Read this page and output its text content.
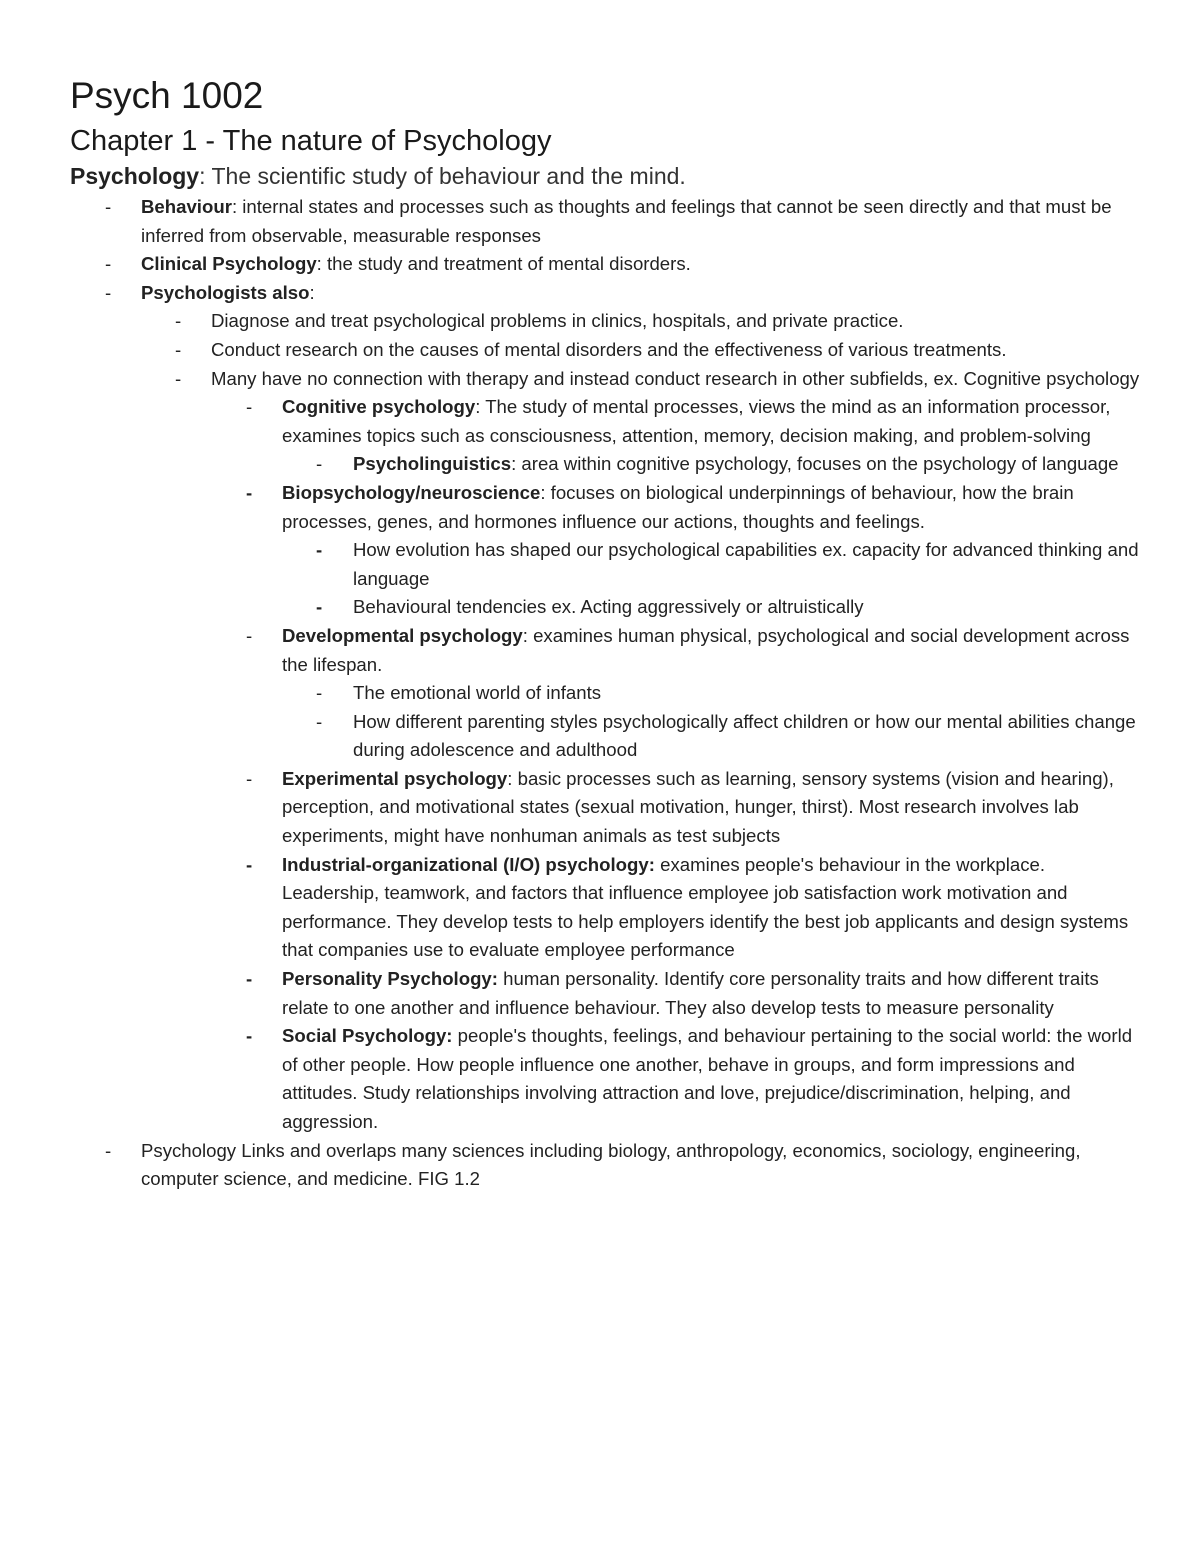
Psych 1002
Chapter 1 - The nature of Psychology

Psychology: The scientific study of behaviour and the mind.

- Behaviour: internal states and processes such as thoughts and feelings that cannot be seen directly and that must be inferred from observable, measurable responses
- Clinical Psychology: the study and treatment of mental disorders.
- Psychologists also:
- Diagnose and treat psychological problems in clinics, hospitals, and private practice.
- Conduct research on the causes of mental disorders and the effectiveness of various treatments.
- Many have no connection with therapy and instead conduct research in other subfields, ex. Cognitive psychology
- Cognitive psychology: The study of mental processes, views the mind as an information processor, examines topics such as consciousness, attention, memory, decision making, and problem-solving
- Psycholinguistics: area within cognitive psychology, focuses on the psychology of language
- Biopsychology/neuroscience: focuses on biological underpinnings of behaviour, how the brain processes, genes, and hormones influence our actions, thoughts and feelings.
- How evolution has shaped our psychological capabilities ex. capacity for advanced thinking and language
- Behavioural tendencies ex. Acting aggressively or altruistically
- Developmental psychology: examines human physical, psychological and social development across the lifespan.
- The emotional world of infants
- How different parenting styles psychologically affect children or how our mental abilities change during adolescence and adulthood
- Experimental psychology: basic processes such as learning, sensory systems (vision and hearing), perception, and motivational states (sexual motivation, hunger, thirst). Most research involves lab experiments, might have nonhuman animals as test subjects
- Industrial-organizational (I/O) psychology: examines people's behaviour in the workplace. Leadership, teamwork, and factors that influence employee job satisfaction work motivation and performance. They develop tests to help employers identify the best job applicants and design systems that companies use to evaluate employee performance
- Personality Psychology: human personality. Identify core personality traits and how different traits relate to one another and influence behaviour. They also develop tests to measure personality
- Social Psychology: people's thoughts, feelings, and behaviour pertaining to the social world: the world of other people. How people influence one another, behave in groups, and form impressions and attitudes. Study relationships involving attraction and love, prejudice/discrimination, helping, and aggression.
- Psychology Links and overlaps many sciences including biology, anthropology, economics, sociology, engineering, computer science, and medicine. FIG 1.2
